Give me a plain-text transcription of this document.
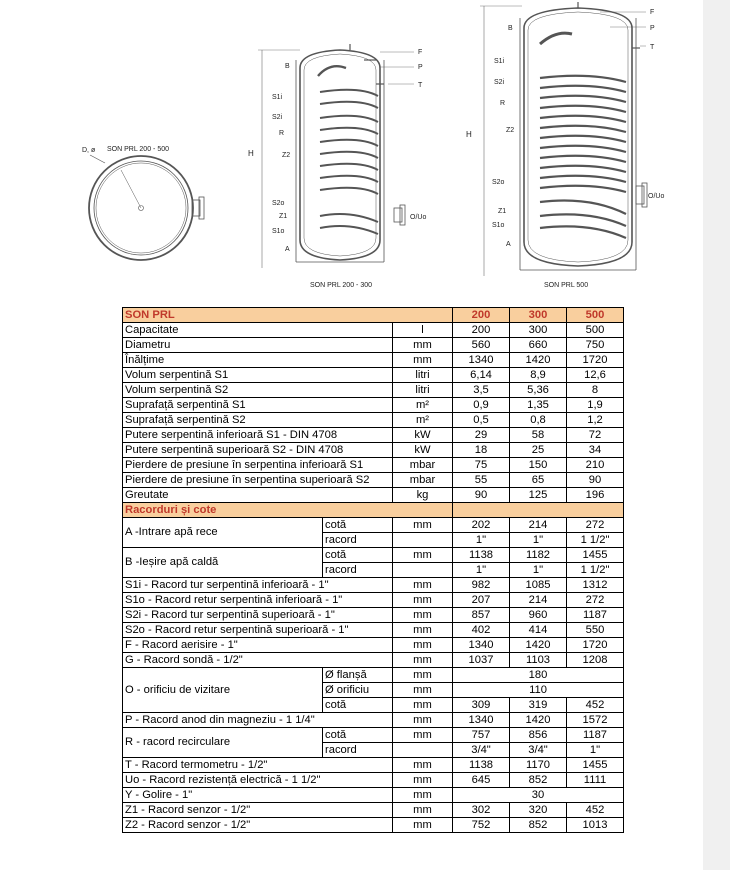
D, ø SON PRL 200 - 500	H
F
P
T
O/Uo
B
S1i
S2i
R
Z2
S2o
Z1
S1o
A
SON PRL 200 - 300
H
F
P
T
O/Uo
B
S1i
S2i
R
Z2
S2o
Z1
S1o
A
SON PRL 500
SON PRL			200	300	500
Capacitate		l	200	300	500
Diametru		mm	560	660	750
Înălțime		mm	1340	1420	1720
Volum serpentină S1		litri	6,14	8,9	12,6
Volum serpentină S2		litri	3,5	5,36	8
Suprafață serpentină S1		m²	0,9	1,35	1,9
Suprafață serpentină S2		m²	0,5	0,8	1,2
Putere serpentină inferioară S1 - DIN 4708		kW	29	58	72
Putere serpentină superioară S2 - DIN 4708		kW	18	25	34
Pierdere de presiune în serpentina inferioară S1		mbar	75	150	210
Pierdere de presiune în serpentina superioară S2		mbar	55	65	90
Greutate		kg	90	125	196
Racorduri și cote					
A -Intrare apă rece	cotă	mm	202	214	272
	racord		1"	1"	1 1/2"
B -Ieșire apă caldă	cotă	mm	1138	1182	1455
	racord		1"	1"	1 1/2"
S1i - Racord tur serpentină inferioară - 1"		mm	982	1085	1312
S1o - Racord retur serpentină inferioară - 1"		mm	207	214	272
S2i - Racord tur serpentină superioară - 1"		mm	857	960	1187
S2o - Racord retur serpentină superioară - 1"		mm	402	414	550
F - Racord aerisire - 1"		mm	1340	1420	1720
G - Racord sondă - 1/2"		mm	1037	1103	1208
O - orificiu de vizitare	Ø flanșă	mm	180		
	Ø orificiu	mm	110		
	cotă	mm	309	319	452
P - Racord anod din magneziu - 1 1/4"		mm	1340	1420	1572
R - racord recirculare	cotă	mm	757	856	1187
	racord		3/4"	3/4"	1"
T - Racord termometru - 1/2"		mm	1138	1170	1455
Uo - Racord rezistență electrică - 1 1/2"		mm	645	852	1111
Y - Golire - 1"		mm	30		
Z1 - Racord senzor - 1/2"		mm	302	320	452
Z2 - Racord senzor - 1/2"		mm	752	852	1013
